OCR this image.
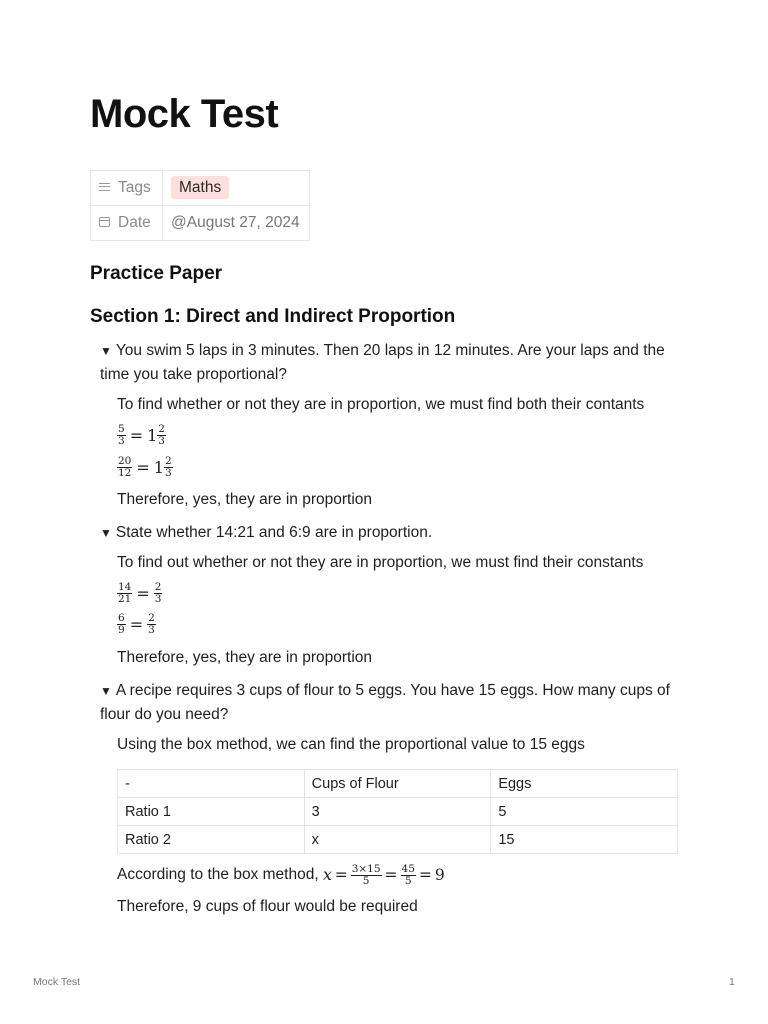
Mock Test
Tags	Maths
Date	@August 27, 2024
Practice Paper
Section 1: Direct and Indirect Proportion
▼ You swim 5 laps in 3 minutes. Then 20 laps in 12 minutes. Are your laps and the time you take proportional?
To find whether or not they are in proportion, we must find both their contants
$\frac{5}{3} = 1 \frac{2}{3}$
$\frac{20}{12} = 1 \frac{2}{3}$
Therefore, yes, they are in proportion
▼ State whether 14:21 and 6:9 are in proportion.
To find out whether or not they are in proportion, we must find their constants
$\frac{14}{21} = \frac{2}{3}$
$\frac{6}{9} = \frac{2}{3}$
Therefore, yes, they are in proportion
▼ A recipe requires 3 cups of flour to 5 eggs. You have 15 eggs. How many cups of flour do you need?
Using the box method, we can find the proportional value to 15 eggs
-	Cups of Flour	Eggs
Ratio 1	3	5
Ratio 2	x	15
According to the box method, $x = \frac{3\times 15}{5} = \frac{45}{5} = 9$
Therefore, 9 cups of flour would be required
Mock Test	1
